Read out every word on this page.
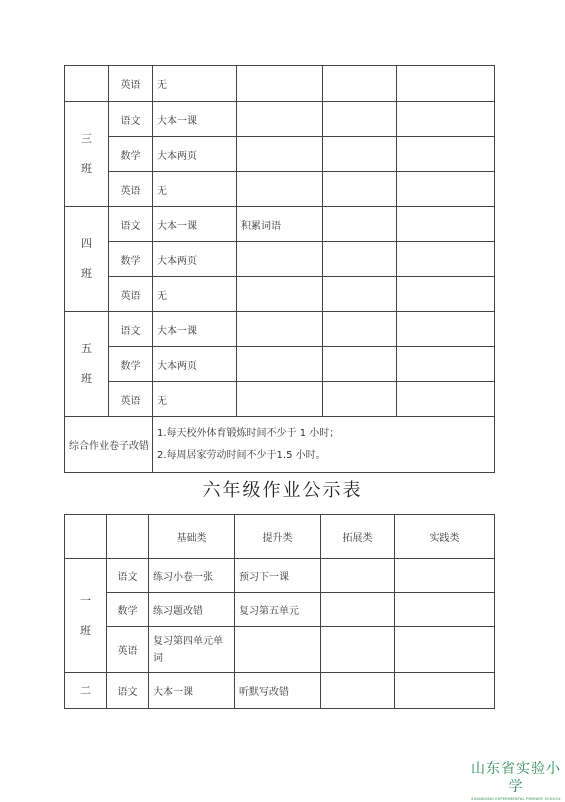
	英语	无			

三
班	语文	大本一课			
	数学	大本两页			
	英语	无			

四
班	语文	大本一课	积累词语		
	数学	大本两页			
	英语	无			

五
班	语文	大本一课			
	数学	大本两页			
	英语	无			
综合作业卷子改错		1.每天校外体育锻炼时间不少于 1 小时；
2.每周居家劳动时间不少于1.5 小时。			
六年级作业公示表
		基础类	提升类	拓展类	实践类

一
班	语文	练习小卷一张	预习下一课		
	数学	练习题改错	复习第五单元		
	英语	复习第四单元单词			

二	语文	大本一课	听默写改错		
山东省实验小学
SHANDONG EXPERIMENTAL PRIMARY SCHOOL
